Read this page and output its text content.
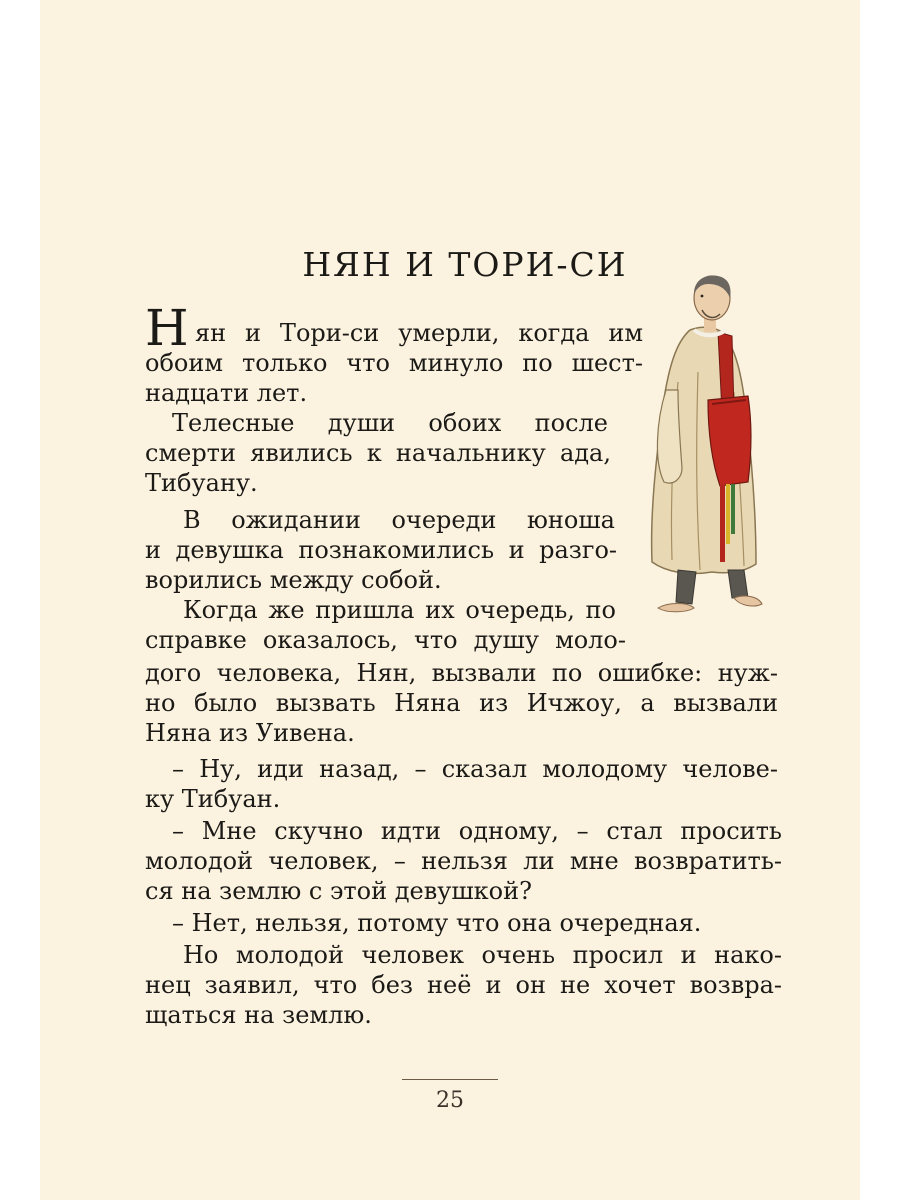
НЯН И ТОРИ-СИ
Н ян и Тори-си умерли, когда им
обоим только что минуло по шест-
надцати лет.
Телесные души обоих после
смерти явились к начальнику ада,
Тибуану.
В ожидании очереди юноша
и девушка познакомились и разго-
ворились между собой.
Когда же пришла их очередь, по
справке оказалось, что душу моло-
дого человека, Нян, вызвали по ошибке: нуж-
но было вызвать Няна из Ичжоу, а вызвали
Няна из Уивена.
– Ну, иди назад, – сказал молодому челове-
ку Тибуан.
– Мне скучно идти одному, – стал просить
молодой человек, – нельзя ли мне возвратить-
ся на землю с этой девушкой?
– Нет, нельзя, потому что она очередная.
Но молодой человек очень просил и нако-
нец заявил, что без неё и он не хочет возвра-
щаться на землю.
25
